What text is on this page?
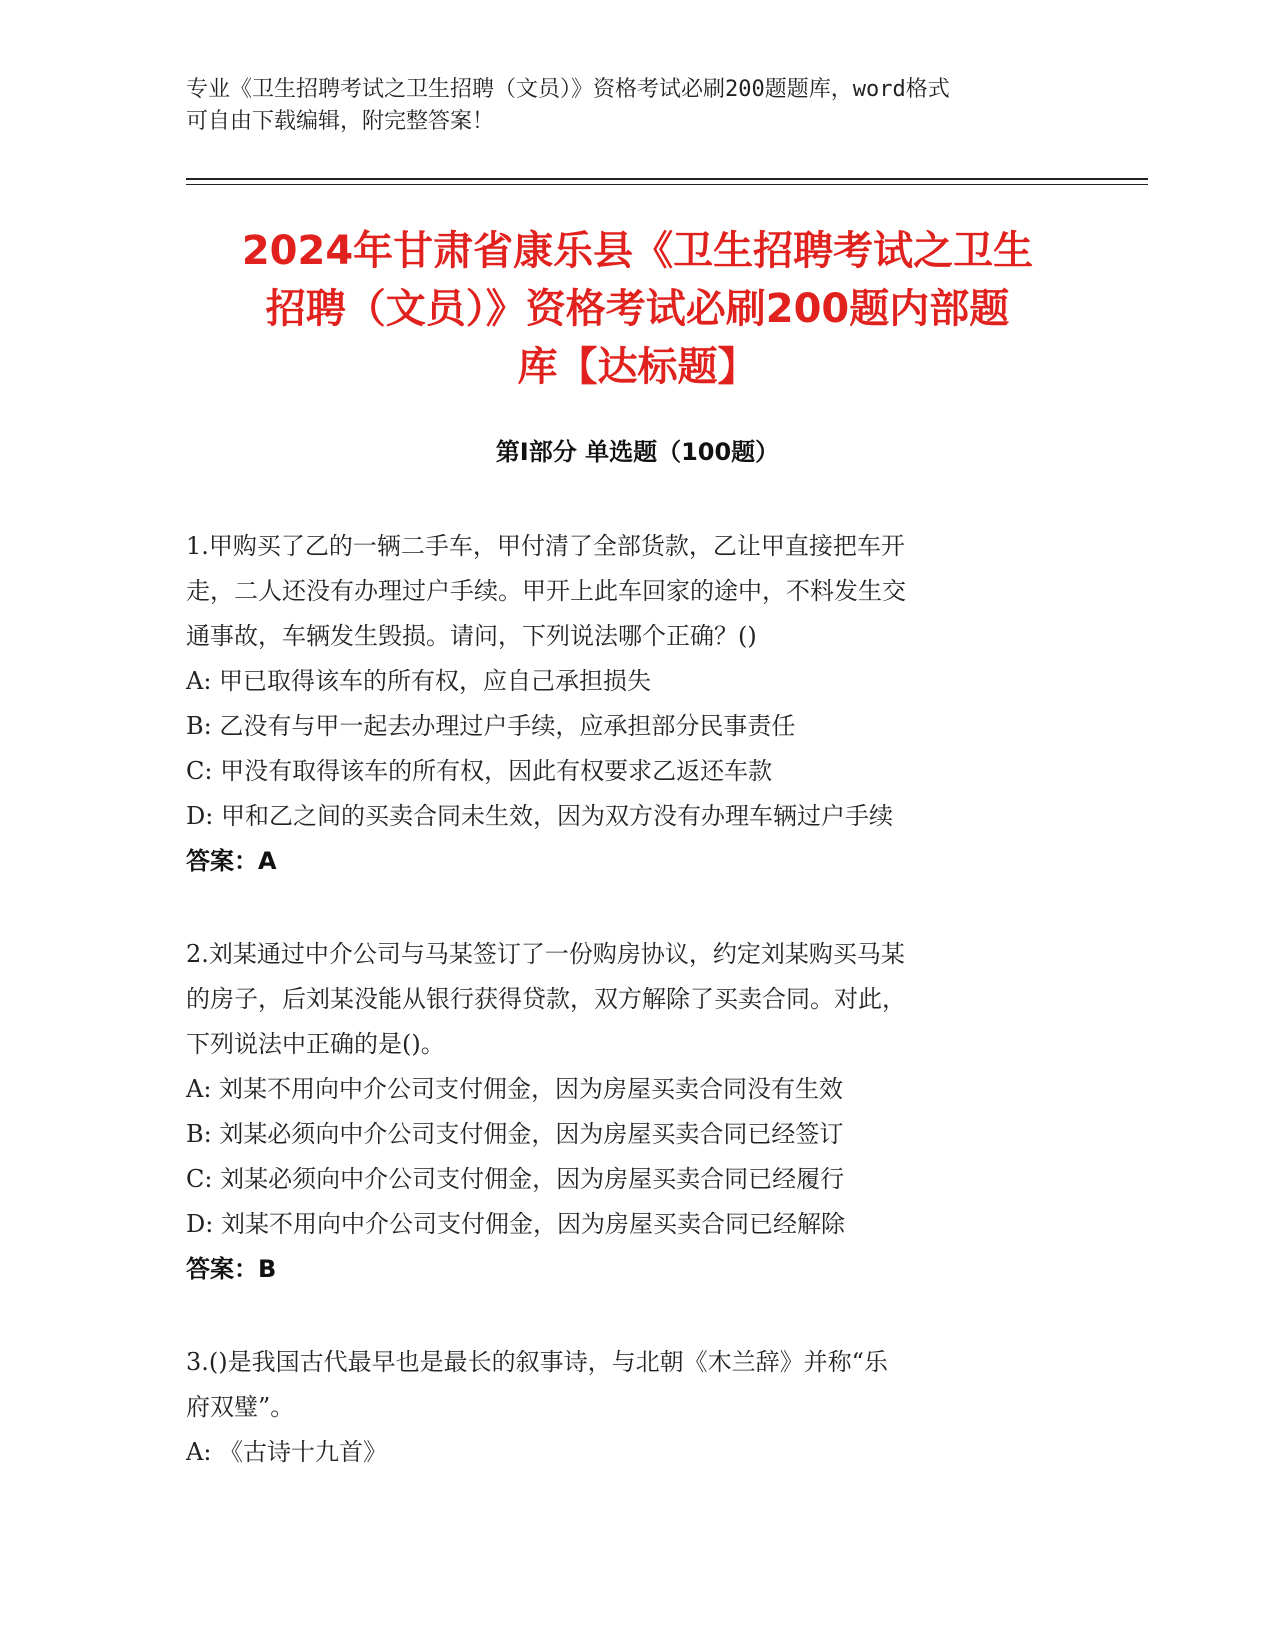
专业《卫生招聘考试之卫生招聘（文员）》资格考试必刷200题题库，word格式
可自由下载编辑，附完整答案！
2024年甘肃省康乐县《卫生招聘考试之卫生
招聘（文员）》资格考试必刷200题内部题
库【达标题】
第Ⅰ部分 单选题（100题）
1.甲购买了乙的一辆二手车，甲付清了全部货款，乙让甲直接把车开
走，二人还没有办理过户手续。甲开上此车回家的途中，不料发生交
通事故，车辆发生毁损。请问，下列说法哪个正确？()
A: 甲已取得该车的所有权，应自己承担损失
B: 乙没有与甲一起去办理过户手续，应承担部分民事责任
C: 甲没有取得该车的所有权，因此有权要求乙返还车款
D: 甲和乙之间的买卖合同未生效，因为双方没有办理车辆过户手续
答案：A
2.刘某通过中介公司与马某签订了一份购房协议，约定刘某购买马某
的房子，后刘某没能从银行获得贷款，双方解除了买卖合同。对此，
下列说法中正确的是()。
A: 刘某不用向中介公司支付佣金，因为房屋买卖合同没有生效
B: 刘某必须向中介公司支付佣金，因为房屋买卖合同已经签订
C: 刘某必须向中介公司支付佣金，因为房屋买卖合同已经履行
D: 刘某不用向中介公司支付佣金，因为房屋买卖合同已经解除
答案：B
3.()是我国古代最早也是最长的叙事诗，与北朝《木兰辞》并称“乐
府双璧”。
A: 《古诗十九首》
